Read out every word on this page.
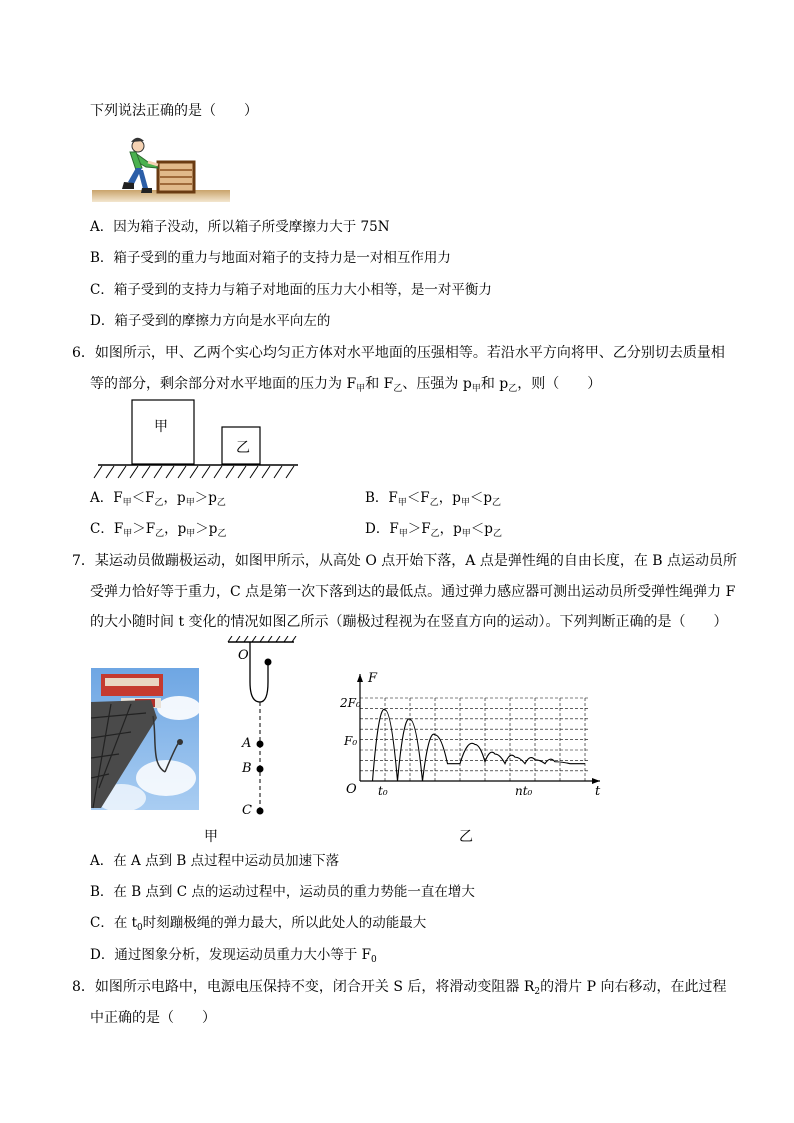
下列说法正确的是（　　）
A．因为箱子没动，所以箱子所受摩擦力大于 75N
B．箱子受到的重力与地面对箱子的支持力是一对相互作用力
C．箱子受到的支持力与箱子对地面的压力大小相等，是一对平衡力
D．箱子受到的摩擦力方向是水平向左的
6．如图所示，甲、乙两个实心均匀正方体对水平地面的压强相等。若沿水平方向将甲、乙分别切去质量相
等的部分，剩余部分对水平地面的压力为 $F_甲$和 $F_乙$、压强为 $p_甲$和 $p_乙$，则（　　）
甲
乙
A．$F_甲<F_乙$，$p_甲>p_乙$	B．$F_甲<F_乙$，$p_甲<p_乙$
C．$F_甲>F_乙$，$p_甲>p_乙$	D．$F_甲>F_乙$，$p_甲<p_乙$
7．某运动员做蹦极运动，如图甲所示，从高处 O 点开始下落，A 点是弹性绳的自由长度，在 B 点运动员所
受弹力恰好等于重力，C 点是第一次下落到达的最低点。通过弹力感应器可测出运动员所受弹性绳弹力 F
的大小随时间 t 变化的情况如图乙所示（蹦极过程视为在竖直方向的运动）。下列判断正确的是（　　）
O
A
B
C
F
2F₀
F₀
O t₀	nt₀	t
甲	乙
A．在 A 点到 B 点过程中运动员加速下落
B．在 B 点到 C 点的运动过程中，运动员的重力势能一直在增大
C．在 $t_0$时刻蹦极绳的弹力最大，所以此处人的动能最大
D．通过图象分析，发现运动员重力大小等于 $F_0$
8．如图所示电路中，电源电压保持不变，闭合开关 S 后，将滑动变阻器 $R_2$的滑片 P 向右移动，在此过程
中正确的是（　　）
